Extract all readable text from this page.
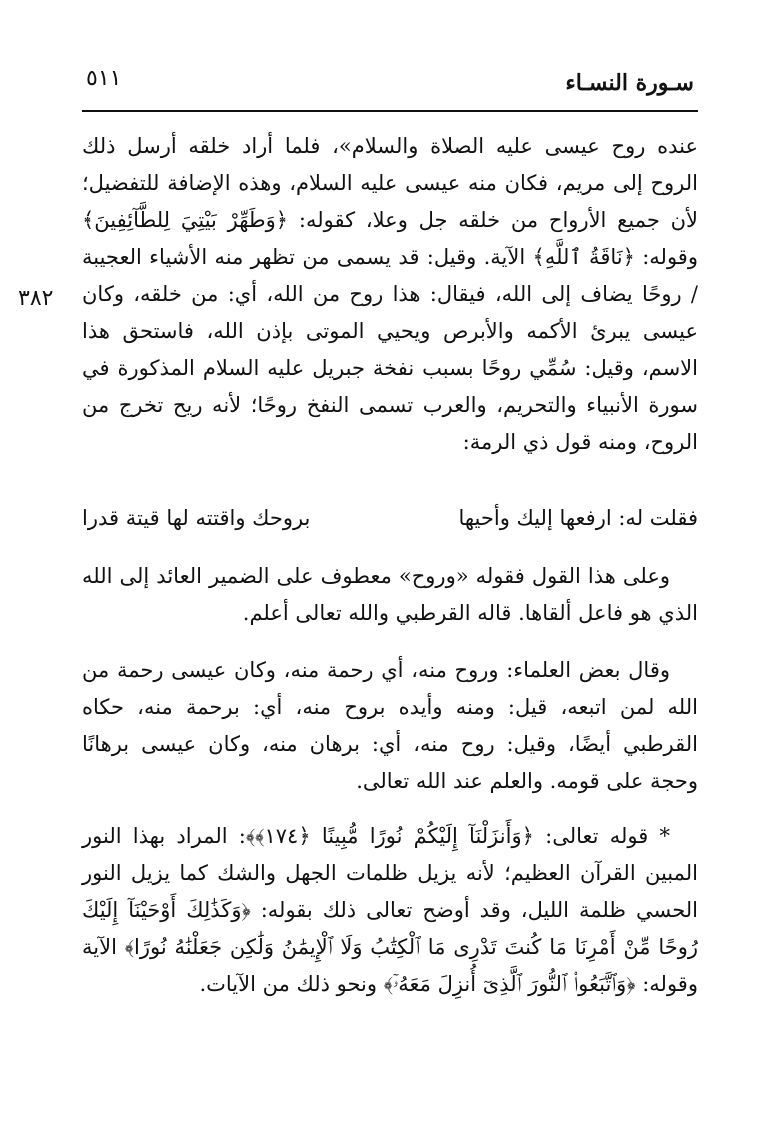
سـورة النسـاء
٥١١
٣٨٢

عنده روح عيسى عليه الصلاة والسلام»، فلما أراد خلقه أرسل ذلك الروح إلى مريم، فكان منه عيسى عليه السلام، وهذه الإضافة للتفضيل؛ لأن جميع الأرواح من خلقه جل وعلا، كقوله: ﴿وَطَهِّرْ بَيْتِيَ لِلطَّآئِفِينَ﴾ وقوله: ﴿نَاقَةُ ٱللَّهِ﴾ الآية. وقيل: قد يسمى من تظهر منه الأشياء العجيبة / روحًا يضاف إلى الله، فيقال: هذا روح من الله، أي: من خلقه، وكان عيسى يبرئ الأكمه والأبرص ويحيي الموتى بإذن الله، فاستحق هذا الاسم، وقيل: سُمِّي روحًا بسبب نفخة جبريل عليه السلام المذكورة في سورة الأنبياء والتحريم، والعرب تسمى النفخ روحًا؛ لأنه ريح تخرج من الروح، ومنه قول ذي الرمة:

فقلت له: ارفعها إليك وأحيها
بروحك واقتته لها قيتة قدرا

وعلى هذا القول فقوله «وروح» معطوف على الضمير العائد إلى الله الذي هو فاعل ألقاها. قاله القرطبي والله تعالى أعلم.

وقال بعض العلماء: وروح منه، أي رحمة منه، وكان عيسى رحمة من الله لمن اتبعه، قيل: ومنه وأيده بروح منه، أي: برحمة منه، حكاه القرطبي أيضًا، وقيل: روح منه، أي: برهان منه، وكان عيسى برهانًا وحجة على قومه. والعلم عند الله تعالى.

* قوله تعالى: ﴿وَأَنزَلْنَآ إِلَيْكُمْ نُورًا مُّبِينًا ﴿١٧٤﴾﴾: المراد بهذا النور المبين القرآن العظيم؛ لأنه يزيل ظلمات الجهل والشك كما يزيل النور الحسي ظلمة الليل، وقد أوضح تعالى ذلك بقوله: ﴿وَكَذَٰلِكَ أَوْحَيْنَآ إِلَيْكَ رُوحًا مِّنْ أَمْرِنَا مَا كُنتَ تَدْرِى مَا ٱلْكِتَٰبُ وَلَا ٱلْإِيمَٰنُ وَلَٰكِن جَعَلْنَٰهُ نُورًا﴾ الآية وقوله: ﴿وَٱتَّبَعُوا۟ ٱلنُّورَ ٱلَّذِىٓ أُنزِلَ مَعَهُۥٓ﴾ ونحو ذلك من الآيات.
